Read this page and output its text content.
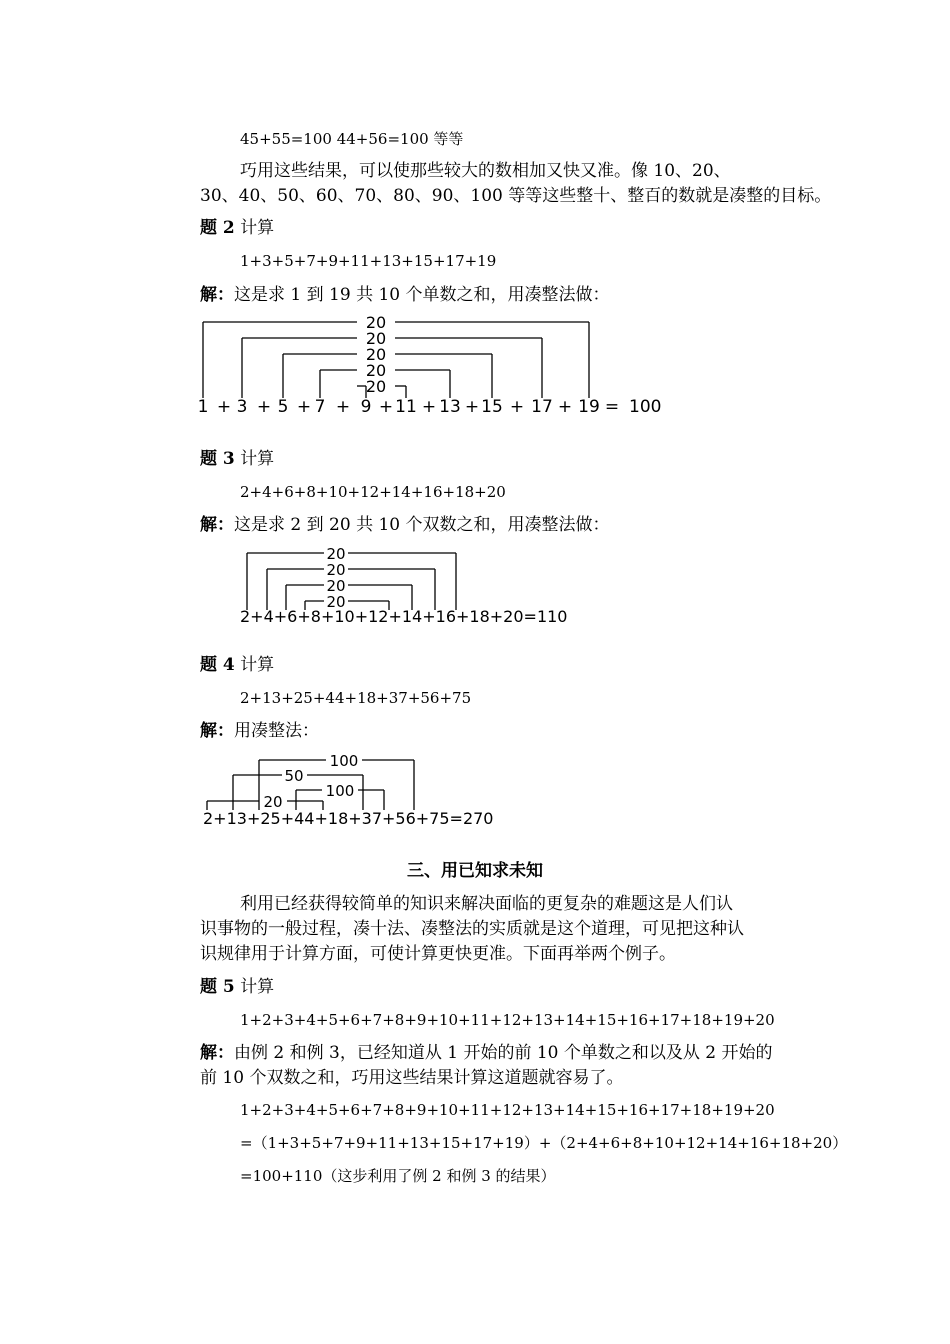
45+55=100 44+56=100 等等
巧用这些结果，可以使那些较大的数相加又快又准。像 10、20、
30、40、50、60、70、80、90、100 等等这些整十、整百的数就是凑整的目标。
题 2 计算
1+3+5+7+9+11+13+15+17+19
解：这是求 1 到 19 共 10 个单数之和，用凑整法做：
1 3 5 7 9 11 13 15 17 19
+ + + + + + + + + = 100
20
20
20
20
20
题 3 计算
2+4+6+8+10+12+14+16+18+20
解：这是求 2 到 20 共 10 个双数之和，用凑整法做：
2+4+6+8+10+12+14+16+18+20=110
20
20
20
20
题 4 计算
2+13+25+44+18+37+56+75
解：用凑整法：
2+13+25+44+18+37+56+75=270
100
50
100
20
三、用已知求未知
利用已经获得较简单的知识来解决面临的更复杂的难题这是人们认
识事物的一般过程，凑十法、凑整法的实质就是这个道理，可见把这种认
识规律用于计算方面，可使计算更快更准。下面再举两个例子。
题 5 计算
1+2+3+4+5+6+7+8+9+10+11+12+13+14+15+16+17+18+19+20
解：由例 2 和例 3，已经知道从 1 开始的前 10 个单数之和以及从 2 开始的
前 10 个双数之和，巧用这些结果计算这道题就容易了。
1+2+3+4+5+6+7+8+9+10+11+12+13+14+15+16+17+18+19+20
=（1+3+5+7+9+11+13+15+17+19）+（2+4+6+8+10+12+14+16+18+20）
=100+110（这步利用了例 2 和例 3 的结果）
